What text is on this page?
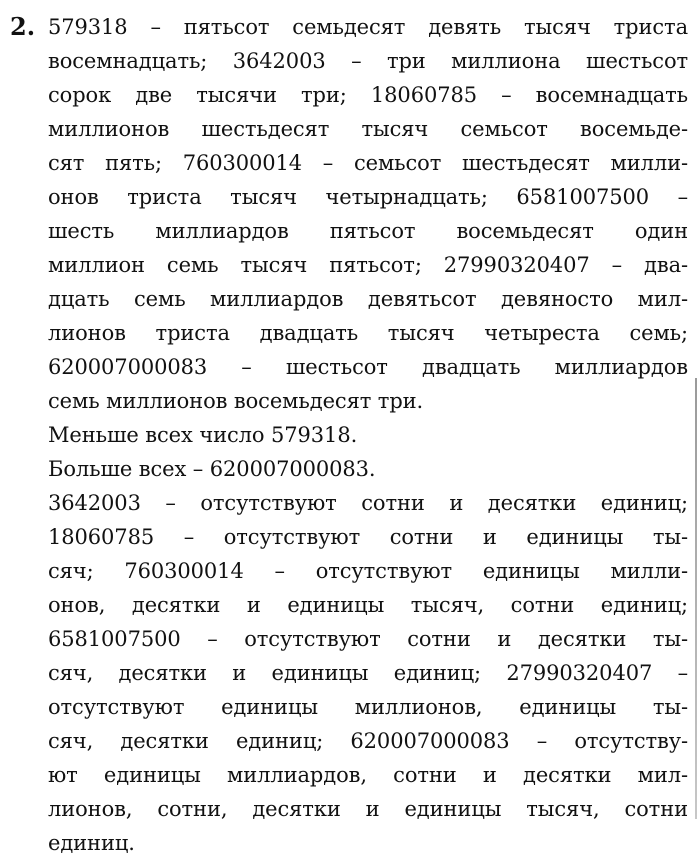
2. 579318 – пятьсот семьдесят девять тысяч триста
восемнадцать; 3642003 – три миллиона шестьсот
сорок две тысячи три; 18060785 – восемнадцать
миллионов шестьдесят тысяч семьсот восемьде-
сят пять; 760300014 – семьсот шестьдесят милли-
онов триста тысяч четырнадцать; 6581007500 –
шесть миллиардов пятьсот восемьдесят один
миллион семь тысяч пятьсот; 27990320407 – два-
дцать семь миллиардов девятьсот девяносто мил-
лионов триста двадцать тысяч четыреста семь;
620007000083 – шестьсот двадцать миллиардов
семь миллионов восемьдесят три.
Меньше всех число 579318.
Больше всех – 620007000083.
3642003 – отсутствуют сотни и десятки единиц;
18060785 – отсутствуют сотни и единицы ты-
сяч; 760300014 – отсутствуют единицы милли-
онов, десятки и единицы тысяч, сотни единиц;
6581007500 – отсутствуют сотни и десятки ты-
сяч, десятки и единицы единиц; 27990320407 –
отсутствуют единицы миллионов, единицы ты-
сяч, десятки единиц; 620007000083 – отсутству-
ют единицы миллиардов, сотни и десятки мил-
лионов, сотни, десятки и единицы тысяч, сотни
единиц.
